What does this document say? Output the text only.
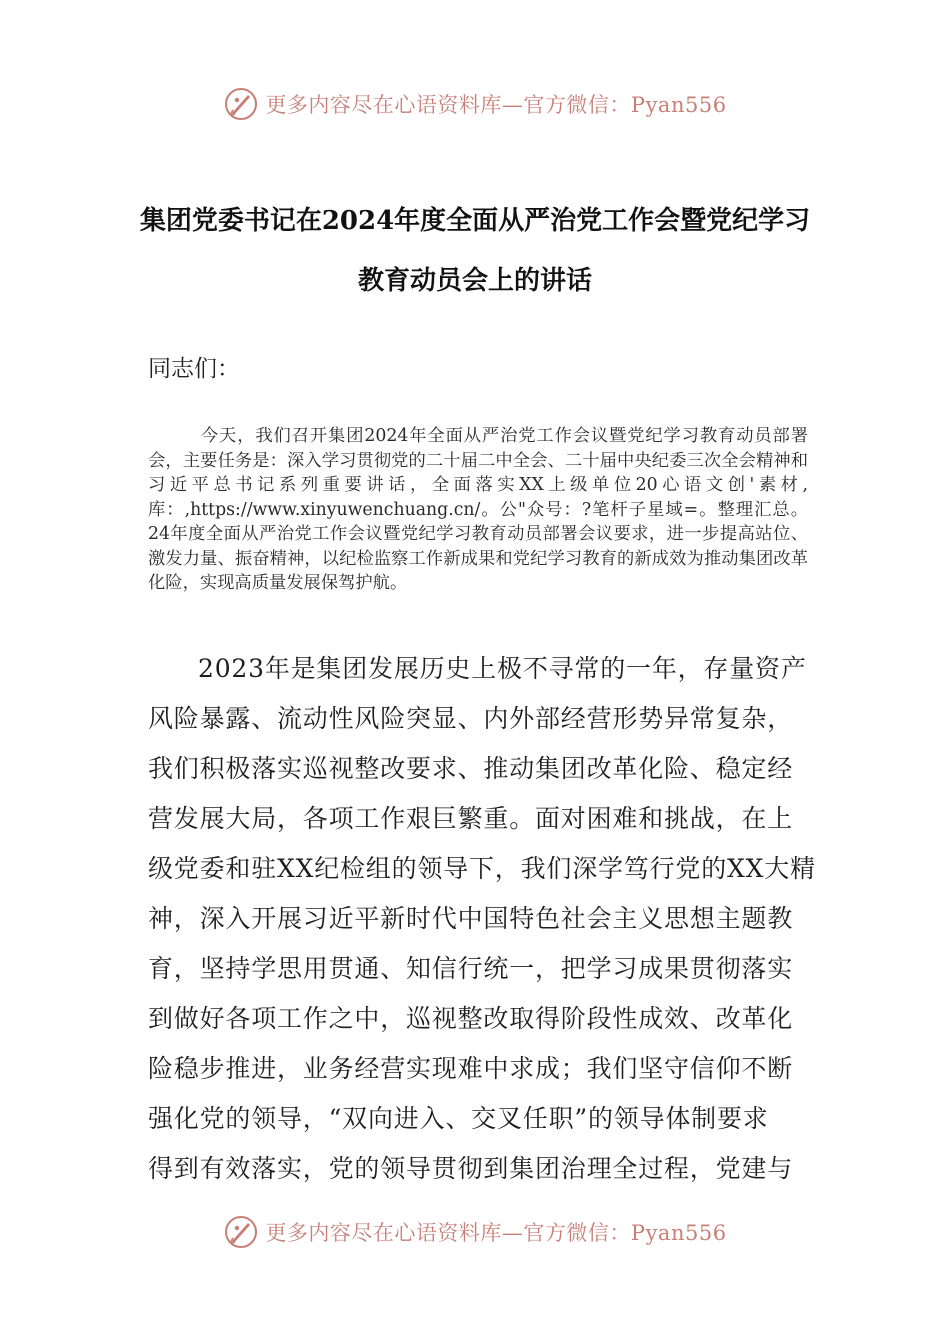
更多内容尽在心语资料库—官方微信：Pyan556
集团党委书记在2024年度全面从严治党工作会暨党纪学习
教育动员会上的讲话
同志们：
今天，我们召开集团2024年全面从严治党工作会议暨党纪学习教育动员部署会，主要任务是：深入学习贯彻党的二十届二中全会、二十届中央纪委三次全会精神和习近平总书记系列重要讲话，全面落实XX上级单位20心语文创'素材,库：,https://www.xinyuwenchuang.cn/。公"众号：?笔杆子星域=。整理汇总。24年度全面从严治党工作会议暨党纪学习教育动员部署会议要求，进一步提高站位、激发力量、振奋精神，以纪检监察工作新成果和党纪学习教育的新成效为推动集团改革化险，实现高质量发展保驾护航。
2023年是集团发展历史上极不寻常的一年，存量资产
风险暴露、流动性风险突显、内外部经营形势异常复杂，
我们积极落实巡视整改要求、推动集团改革化险、稳定经
营发展大局，各项工作艰巨繁重。面对困难和挑战，在上
级党委和驻XX纪检组的领导下，我们深学笃行党的XX大精
神，深入开展习近平新时代中国特色社会主义思想主题教
育，坚持学思用贯通、知信行统一，把学习成果贯彻落实
到做好各项工作之中，巡视整改取得阶段性成效、改革化
险稳步推进，业务经营实现难中求成；我们坚守信仰不断
强化党的领导，“双向进入、交叉任职”的领导体制要求
得到有效落实，党的领导贯彻到集团治理全过程，党建与
更多内容尽在心语资料库—官方微信：Pyan556
